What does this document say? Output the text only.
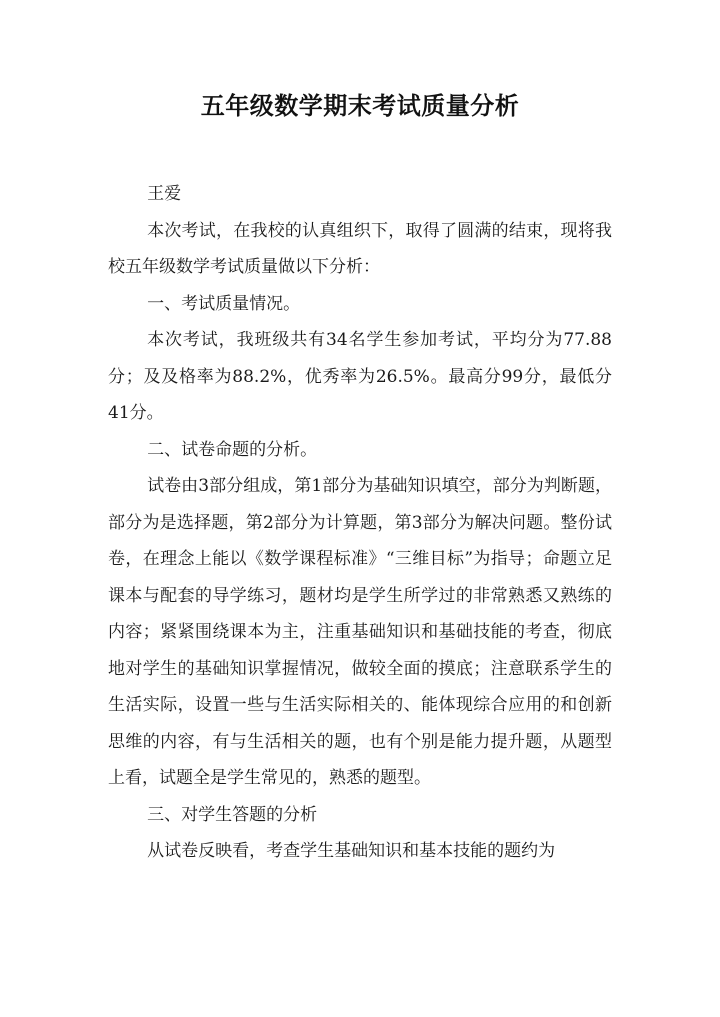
五年级数学期末考试质量分析

王爱

本次考试，在我校的认真组织下，取得了圆满的结束，现将我校五年级数学考试质量做以下分析：

一、考试质量情况。

本次考试，我班级共有34名学生参加考试，平均分为77.88分；及及格率为88.2%，优秀率为26.5%。最高分99分，最低分41分。

二、试卷命题的分析。

试卷由3部分组成，第1部分为基础知识填空，部分为判断题，部分为是选择题，第2部分为计算题，第3部分为解决问题。整份试卷，在理念上能以《数学课程标准》“三维目标”为指导；命题立足课本与配套的导学练习，题材均是学生所学过的非常熟悉又熟练的内容；紧紧围绕课本为主，注重基础知识和基础技能的考查，彻底地对学生的基础知识掌握情况，做较全面的摸底；注意联系学生的生活实际，设置一些与生活实际相关的、能体现综合应用的和创新思维的内容，有与生活相关的题，也有个别是能力提升题，从题型上看，试题全是学生常见的，熟悉的题型。

三、对学生答题的分析

从试卷反映看，考查学生基础知识和基本技能的题约为
